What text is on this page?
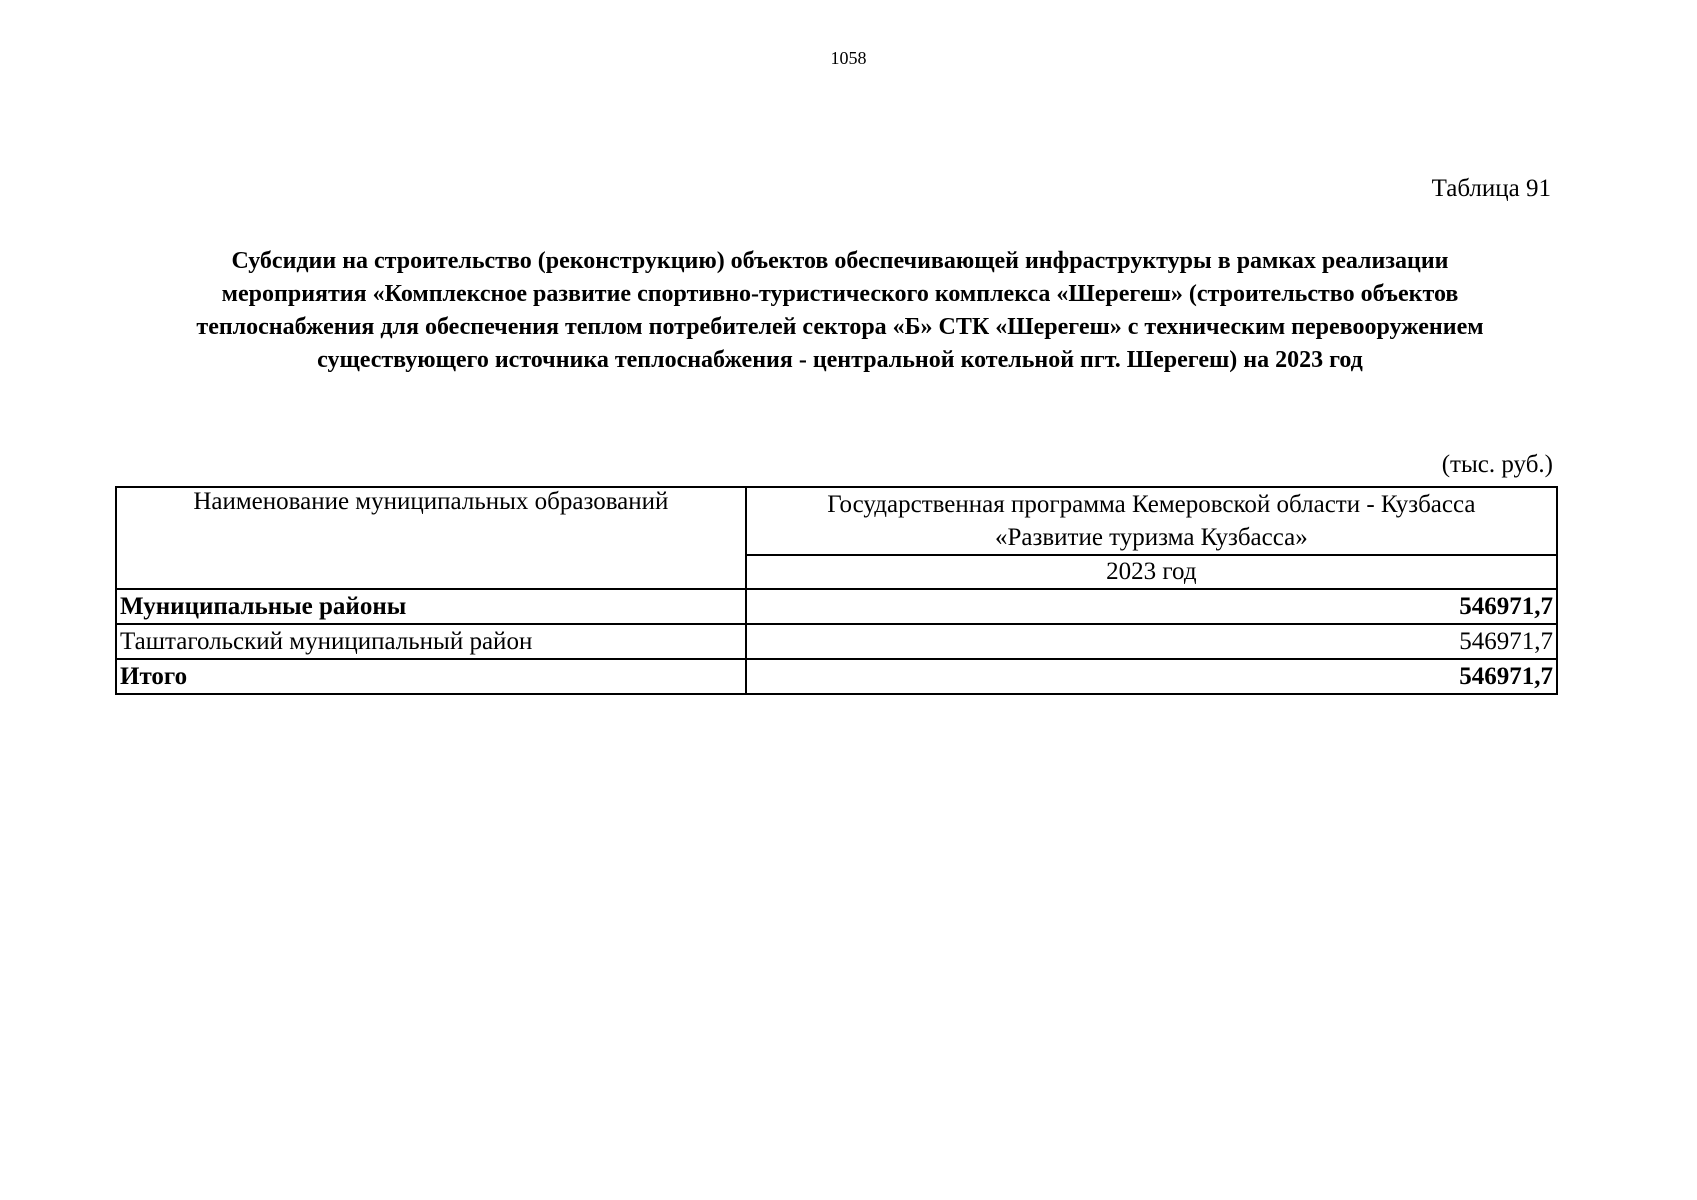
1058
Таблица 91
Субсидии на строительство (реконструкцию) объектов обеспечивающей инфраструктуры в рамках реализации
мероприятия «Комплексное развитие спортивно-туристического комплекса «Шерегеш» (строительство объектов
теплоснабжения для обеспечения теплом потребителей сектора «Б» СТК «Шерегеш» с техническим перевооружением
существующего источника теплоснабжения - центральной котельной пгт. Шерегеш) на 2023 год
(тыс. руб.)
Наименование муниципальных образований	Государственная программа Кемеровской области - Кузбасса
«Развитие туризма Кузбасса»

	2023 год
Муниципальные районы	546971,7
Таштагольский муниципальный район	546971,7
Итого	546971,7
